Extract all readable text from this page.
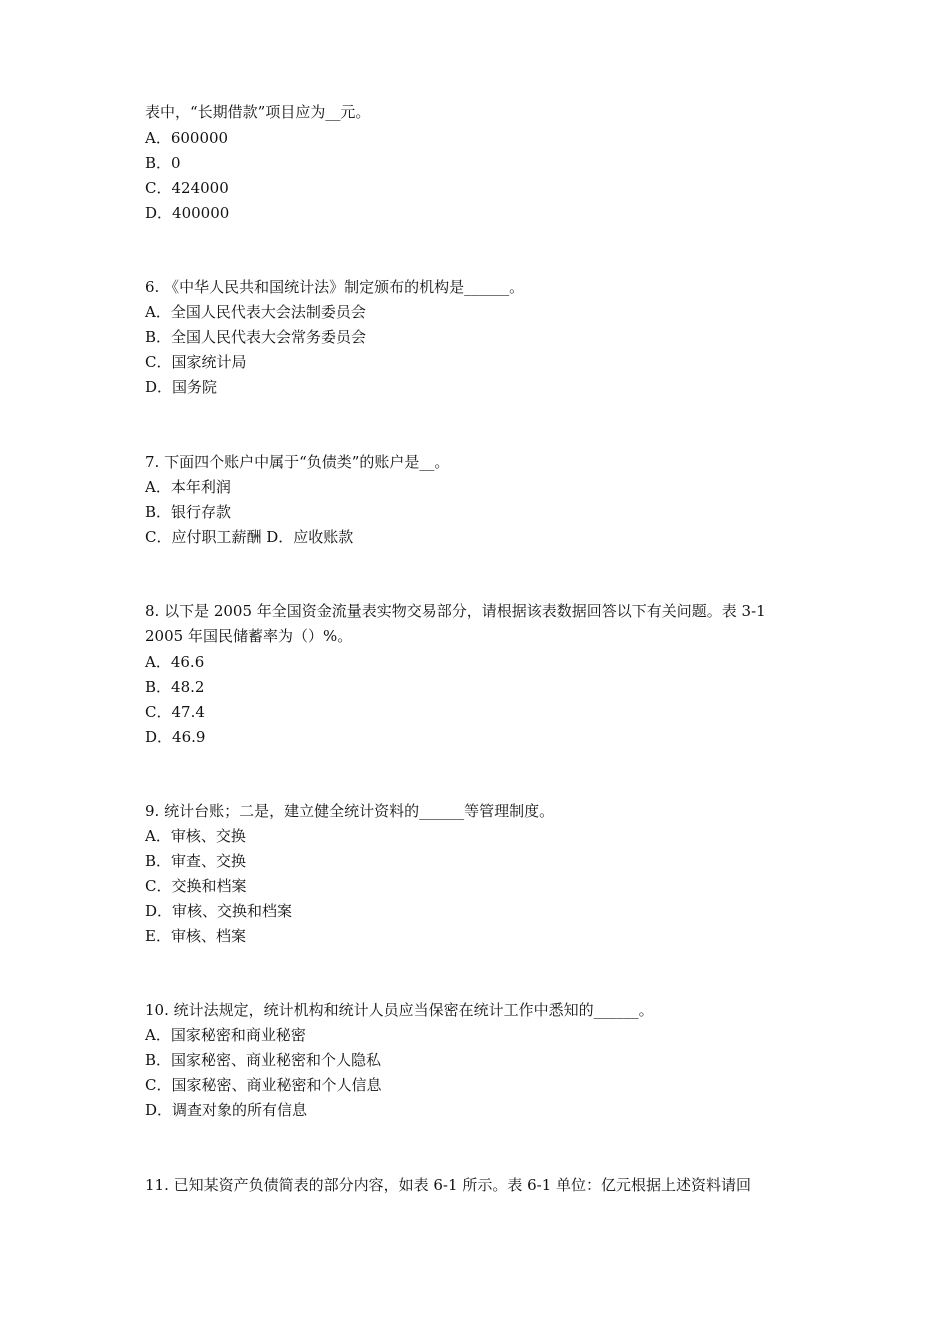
表中，“长期借款”项目应为__元。
A．600000
B．0
C．424000
D．400000
6. 《中华人民共和国统计法》制定颁布的机构是______。
A．全国人民代表大会法制委员会
B．全国人民代表大会常务委员会
C．国家统计局
D．国务院
7. 下面四个账户中属于“负债类”的账户是__。
A．本年利润
B．银行存款
C．应付职工薪酬 D．应收账款
8. 以下是 2005 年全国资金流量表实物交易部分，请根据该表数据回答以下有关问题。表 3-1
2005 年国民储蓄率为（）%。
A．46.6
B．48.2
C．47.4
D．46.9
9. 统计台账；二是，建立健全统计资料的______等管理制度。
A．审核、交换
B．审查、交换
C．交换和档案
D．审核、交换和档案
E．审核、档案
10. 统计法规定，统计机构和统计人员应当保密在统计工作中悉知的______。
A．国家秘密和商业秘密
B．国家秘密、商业秘密和个人隐私
C．国家秘密、商业秘密和个人信息
D．调查对象的所有信息
11. 已知某资产负债简表的部分内容，如表 6-1 所示。表 6-1 单位：亿元根据上述资料请回
